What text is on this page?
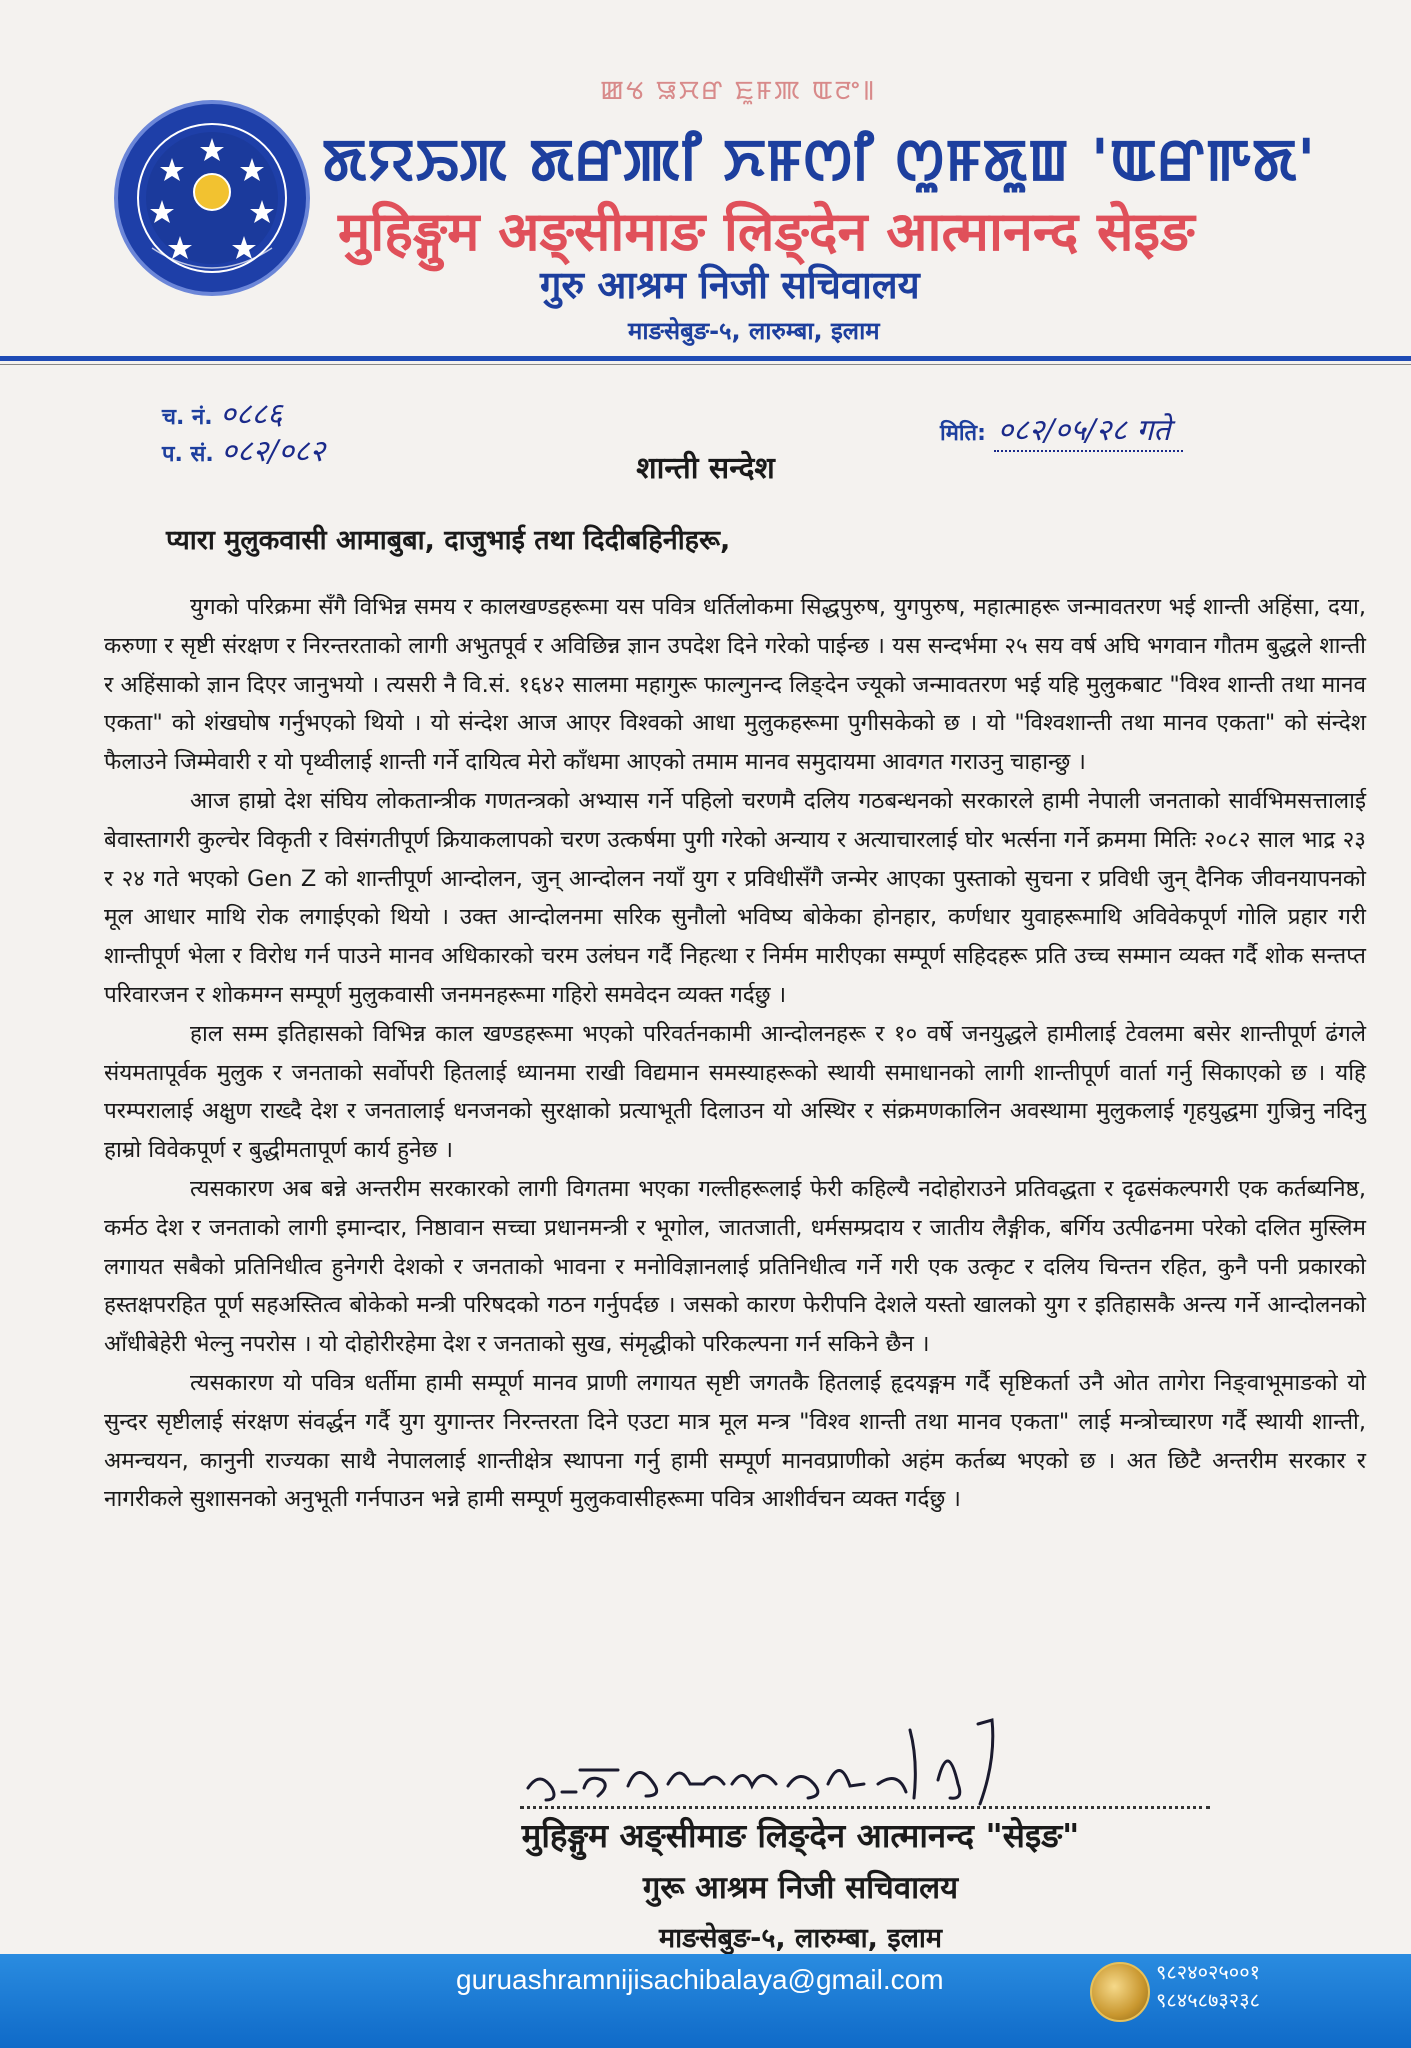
ꯀꯠ ꯎꯆꯔ ꯐꯨꯝꯄ ꯑꯂꯦ꯫
ꯗꯌꯢꯞ ꯗꯔꯄꯤ ꯈꯝꯁꯤ ꯁꯨꯝꯗꯨꯡ 'ꯑꯔꯒꯗ'
मुहिङ्गुम अङ्सीमाङ लिङ्देन आत्मानन्द सेइङ
गुरु आश्रम निजी सचिवालय
माङसेबुङ-५, लारुम्बा, इलाम
च. नं. ०८८६
प. सं. ०८२/०८२
मिति: ०८२/०५/२८ गते
शान्ती सन्देश
प्यारा मुलुकवासी आमाबुबा, दाजुभाई तथा दिदीबहिनीहरू,

युगको परिक्रमा सँगै विभिन्न समय र कालखण्डहरूमा यस पवित्र धर्तिलोकमा सिद्धपुरुष, युगपुरुष, महात्माहरू जन्मावतरण भई शान्ती अहिंसा, दया, करुणा र सृष्टी संरक्षण र निरन्तरताको लागी अभुतपूर्व र अविछिन्न ज्ञान उपदेश दिने गरेको पाईन्छ । यस सन्दर्भमा २५ सय वर्ष अघि भगवान गौतम बुद्धले शान्ती र अहिंसाको ज्ञान दिएर जानुभयो । त्यसरी नै वि.सं. १६४२ सालमा महागुरू फाल्गुनन्द लिङ्देन ज्यूको जन्मावतरण भई यहि मुलुकबाट "विश्व शान्ती तथा मानव एकता" को शंखघोष गर्नुभएको थियो । यो संन्देश आज आएर विश्वको आधा मुलुकहरूमा पुगीसकेको छ । यो "विश्वशान्ती तथा मानव एकता" को संन्देश फैलाउने जिम्मेवारी र यो पृथ्वीलाई शान्ती गर्ने दायित्व मेरो काँधमा आएको तमाम मानव समुदायमा आवगत गराउनु चाहान्छु ।

आज हाम्रो देश संघिय लोकतान्त्रीक गणतन्त्रको अभ्यास गर्ने पहिलो चरणमै दलिय गठबन्धनको सरकारले हामी नेपाली जनताको सार्वभिमसत्तालाई बेवास्तागरी कुल्चेर विकृती र विसंगतीपूर्ण क्रियाकलापको चरण उत्कर्षमा पुगी गरेको अन्याय र अत्याचारलाई घोर भर्त्सना गर्ने क्रममा मितिः २०८२ साल भाद्र २३ र २४ गते भएको Gen Z को शान्तीपूर्ण आन्दोलन, जुन् आन्दोलन नयाँ युग र प्रविधीसँगै जन्मेर आएका पुस्ताको सुचना र प्रविधी जुन् दैनिक जीवनयापनको मूल आधार माथि रोक लगाईएको थियो । उक्त आन्दोलनमा सरिक सुनौलो भविष्य बोकेका होनहार, कर्णधार युवाहरूमाथि अविवेकपूर्ण गोलि प्रहार गरी शान्तीपूर्ण भेला र विरोध गर्न पाउने मानव अधिकारको चरम उलंघन गर्दै निहत्था र निर्मम मारीएका सम्पूर्ण सहिदहरू प्रति उच्च सम्मान व्यक्त गर्दै शोक सन्तप्त परिवारजन र शोकमग्न सम्पूर्ण मुलुकवासी जनमनहरूमा गहिरो समवेदन व्यक्त गर्दछु ।

हाल सम्म इतिहासको विभिन्न काल खण्डहरूमा भएको परिवर्तनकामी आन्दोलनहरू र १० वर्षे जनयुद्धले हामीलाई टेवलमा बसेर शान्तीपूर्ण ढंगले संयमतापूर्वक मुलुक र जनताको सर्वोपरी हितलाई ध्यानमा राखी विद्यमान समस्याहरूको स्थायी समाधानको लागी शान्तीपूर्ण वार्ता गर्नु सिकाएको छ । यहि परम्परालाई अक्षुण राख्दै देश र जनतालाई धनजनको सुरक्षाको प्रत्याभूती दिलाउन यो अस्थिर र संक्रमणकालिन अवस्थामा मुलुकलाई गृहयुद्धमा गुज्रिनु नदिनु हाम्रो विवेकपूर्ण र बुद्धीमतापूर्ण कार्य हुनेछ ।

त्यसकारण अब बन्ने अन्तरीम सरकारको लागी विगतमा भएका गल्तीहरूलाई फेरी कहिल्यै नदोहोराउने प्रतिवद्धता र दृढसंकल्पगरी एक कर्तब्यनिष्ठ, कर्मठ देश र जनताको लागी इमान्दार, निष्ठावान सच्चा प्रधानमन्त्री र भूगोल, जातजाती, धर्मसम्प्रदाय र जातीय लैङ्गीक, बर्गिय उत्पीढनमा परेको दलित मुस्लिम लगायत सबैको प्रतिनिधीत्व हुनेगरी देशको र जनताको भावना र मनोविज्ञानलाई प्रतिनिधीत्व गर्ने गरी एक उत्कृट र दलिय चिन्तन रहित, कुनै पनी प्रकारको हस्तक्षपरहित पूर्ण सहअस्तित्व बोकेको मन्त्री परिषदको गठन गर्नुपर्दछ । जसको कारण फेरीपनि देशले यस्तो खालको युग र इतिहासकै अन्त्य गर्ने आन्दोलनको आँधीबेहेरी भेल्नु नपरोस । यो दोहोरीरहेमा देश र जनताको सुख, संमृद्धीको परिकल्पना गर्न सकिने छैन ।

त्यसकारण यो पवित्र धर्तीमा हामी सम्पूर्ण मानव प्राणी लगायत सृष्टी जगतकै हितलाई हृदयङ्गम गर्दै सृष्टिकर्ता उनै ओत तागेरा निङ्वाभूमाङको यो सुन्दर सृष्टीलाई संरक्षण संवर्द्धन गर्दै युग युगान्तर निरन्तरता दिने एउटा मात्र मूल मन्त्र "विश्व शान्ती तथा मानव एकता" लाई मन्त्रोच्चारण गर्दै स्थायी शान्ती, अमन्चयन, कानुनी राज्यका साथै नेपाललाई शान्तीक्षेत्र स्थापना गर्नु हामी सम्पूर्ण मानवप्राणीको अहंम कर्तब्य भएको छ । अत छिटै अन्तरीम सरकार र नागरीकले सुशासनको अनुभूती गर्नपाउन भन्ने हामी सम्पूर्ण मुलुकवासीहरूमा पवित्र आशीर्वचन व्यक्त गर्दछु ।

मुहिङ्गुम अङ्सीमाङ लिङ्देन आत्मानन्द "सेइङ"
गुरू आश्रम निजी सचिवालय
माङसेबुङ-५, लारुम्बा, इलाम
guruashramnijisachibalaya@gmail.com	९८२४०२५००१
९८४५८७३२३८
